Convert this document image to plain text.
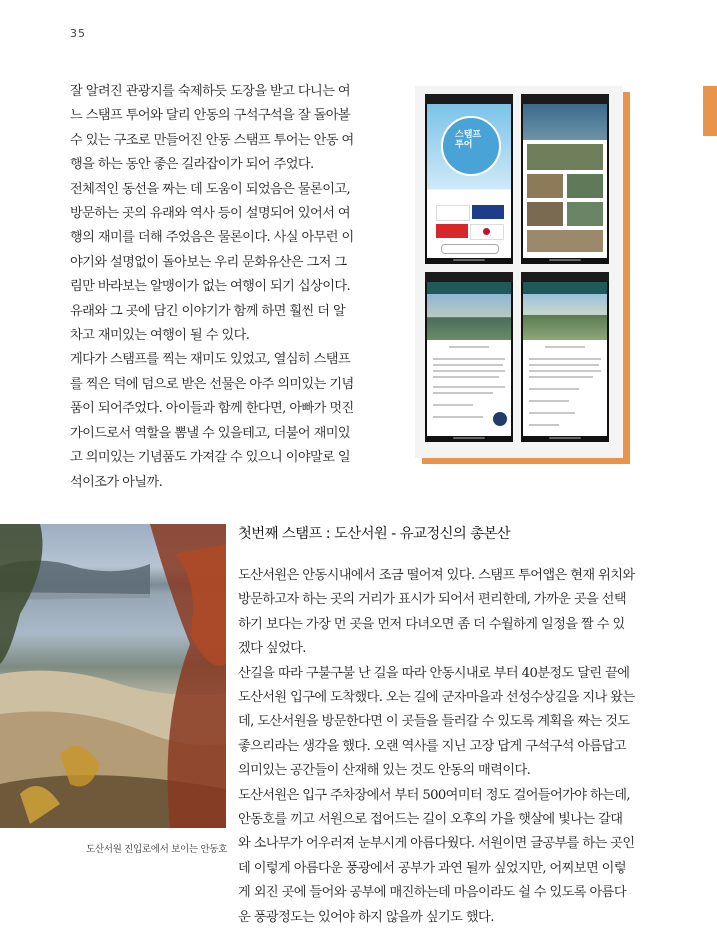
35

잘 알려진 관광지를 숙제하듯 도장을 받고 다니는 여

느 스탬프 투어와 달리 안동의 구석구석을 잘 돌아볼

수 있는 구조로 만들어진 안동 스탬프 투어는 안동 여

행을 하는 동안 좋은 길라잡이가 되어 주었다.

전체적인 동선을 짜는 데 도움이 되었음은 물론이고,

방문하는 곳의 유래와 역사 등이 설명되어 있어서 여

행의 재미를 더해 주었음은 물론이다. 사실 아무런 이

야기와 설명없이 돌아보는 우리 문화유산은 그저 그

림만 바라보는 알맹이가 없는 여행이 되기 십상이다.

유래와 그 곳에 담긴 이야기가 함께 하면 훨씬 더 알

차고 재미있는 여행이 될 수 있다.

게다가 스탬프를 찍는 재미도 있었고, 열심히 스탬프

를 찍은 덕에 덤으로 받은 선물은 아주 의미있는 기념

품이 되어주었다. 아이들과 함께 한다면, 아빠가 멋진

가이드로서 역할을 뽐낼 수 있을테고, 더불어 재미있

고 의미있는 기념품도 가져갈 수 있으니 이야말로 일

석이조가 아닐까.

스탬프
투어
도산서원 진입로에서 보이는 안동호
첫번째 스탬프 : 도산서원 - 유교정신의 총본산

도산서원은 안동시내에서 조금 떨어져 있다. 스탬프 투어앱은 현재 위치와

방문하고자 하는 곳의 거리가 표시가 되어서 편리한데, 가까운 곳을 선택

하기 보다는 가장 먼 곳을 먼저 다녀오면 좀 더 수월하게 일정을 짤 수 있

겠다 싶었다.

산길을 따라 구불구불 난 길을 따라 안동시내로 부터 40분정도 달린 끝에

도산서원 입구에 도착했다. 오는 길에 군자마을과 선성수상길을 지나 왔는

데, 도산서원을 방문한다면 이 곳들을 들러갈 수 있도록 계획을 짜는 것도

좋으리라는 생각을 했다. 오랜 역사를 지닌 고장 답게 구석구석 아름답고

의미있는 공간들이 산재해 있는 것도 안동의 매력이다.

도산서원은 입구 주차장에서 부터 500여미터 정도 걸어들어가야 하는데,

안동호를 끼고 서원으로 접어드는 길이 오후의 가을 햇살에 빛나는 갈대

와 소나무가 어우러져 눈부시게 아름다웠다. 서원이면 글공부를 하는 곳인

데 이렇게 아름다운 풍광에서 공부가 과연 될까 싶었지만, 어찌보면 이렇

게 외진 곳에 들어와 공부에 매진하는데 마음이라도 쉴 수 있도록 아름다

운 풍광정도는 있어야 하지 않을까 싶기도 했다.
